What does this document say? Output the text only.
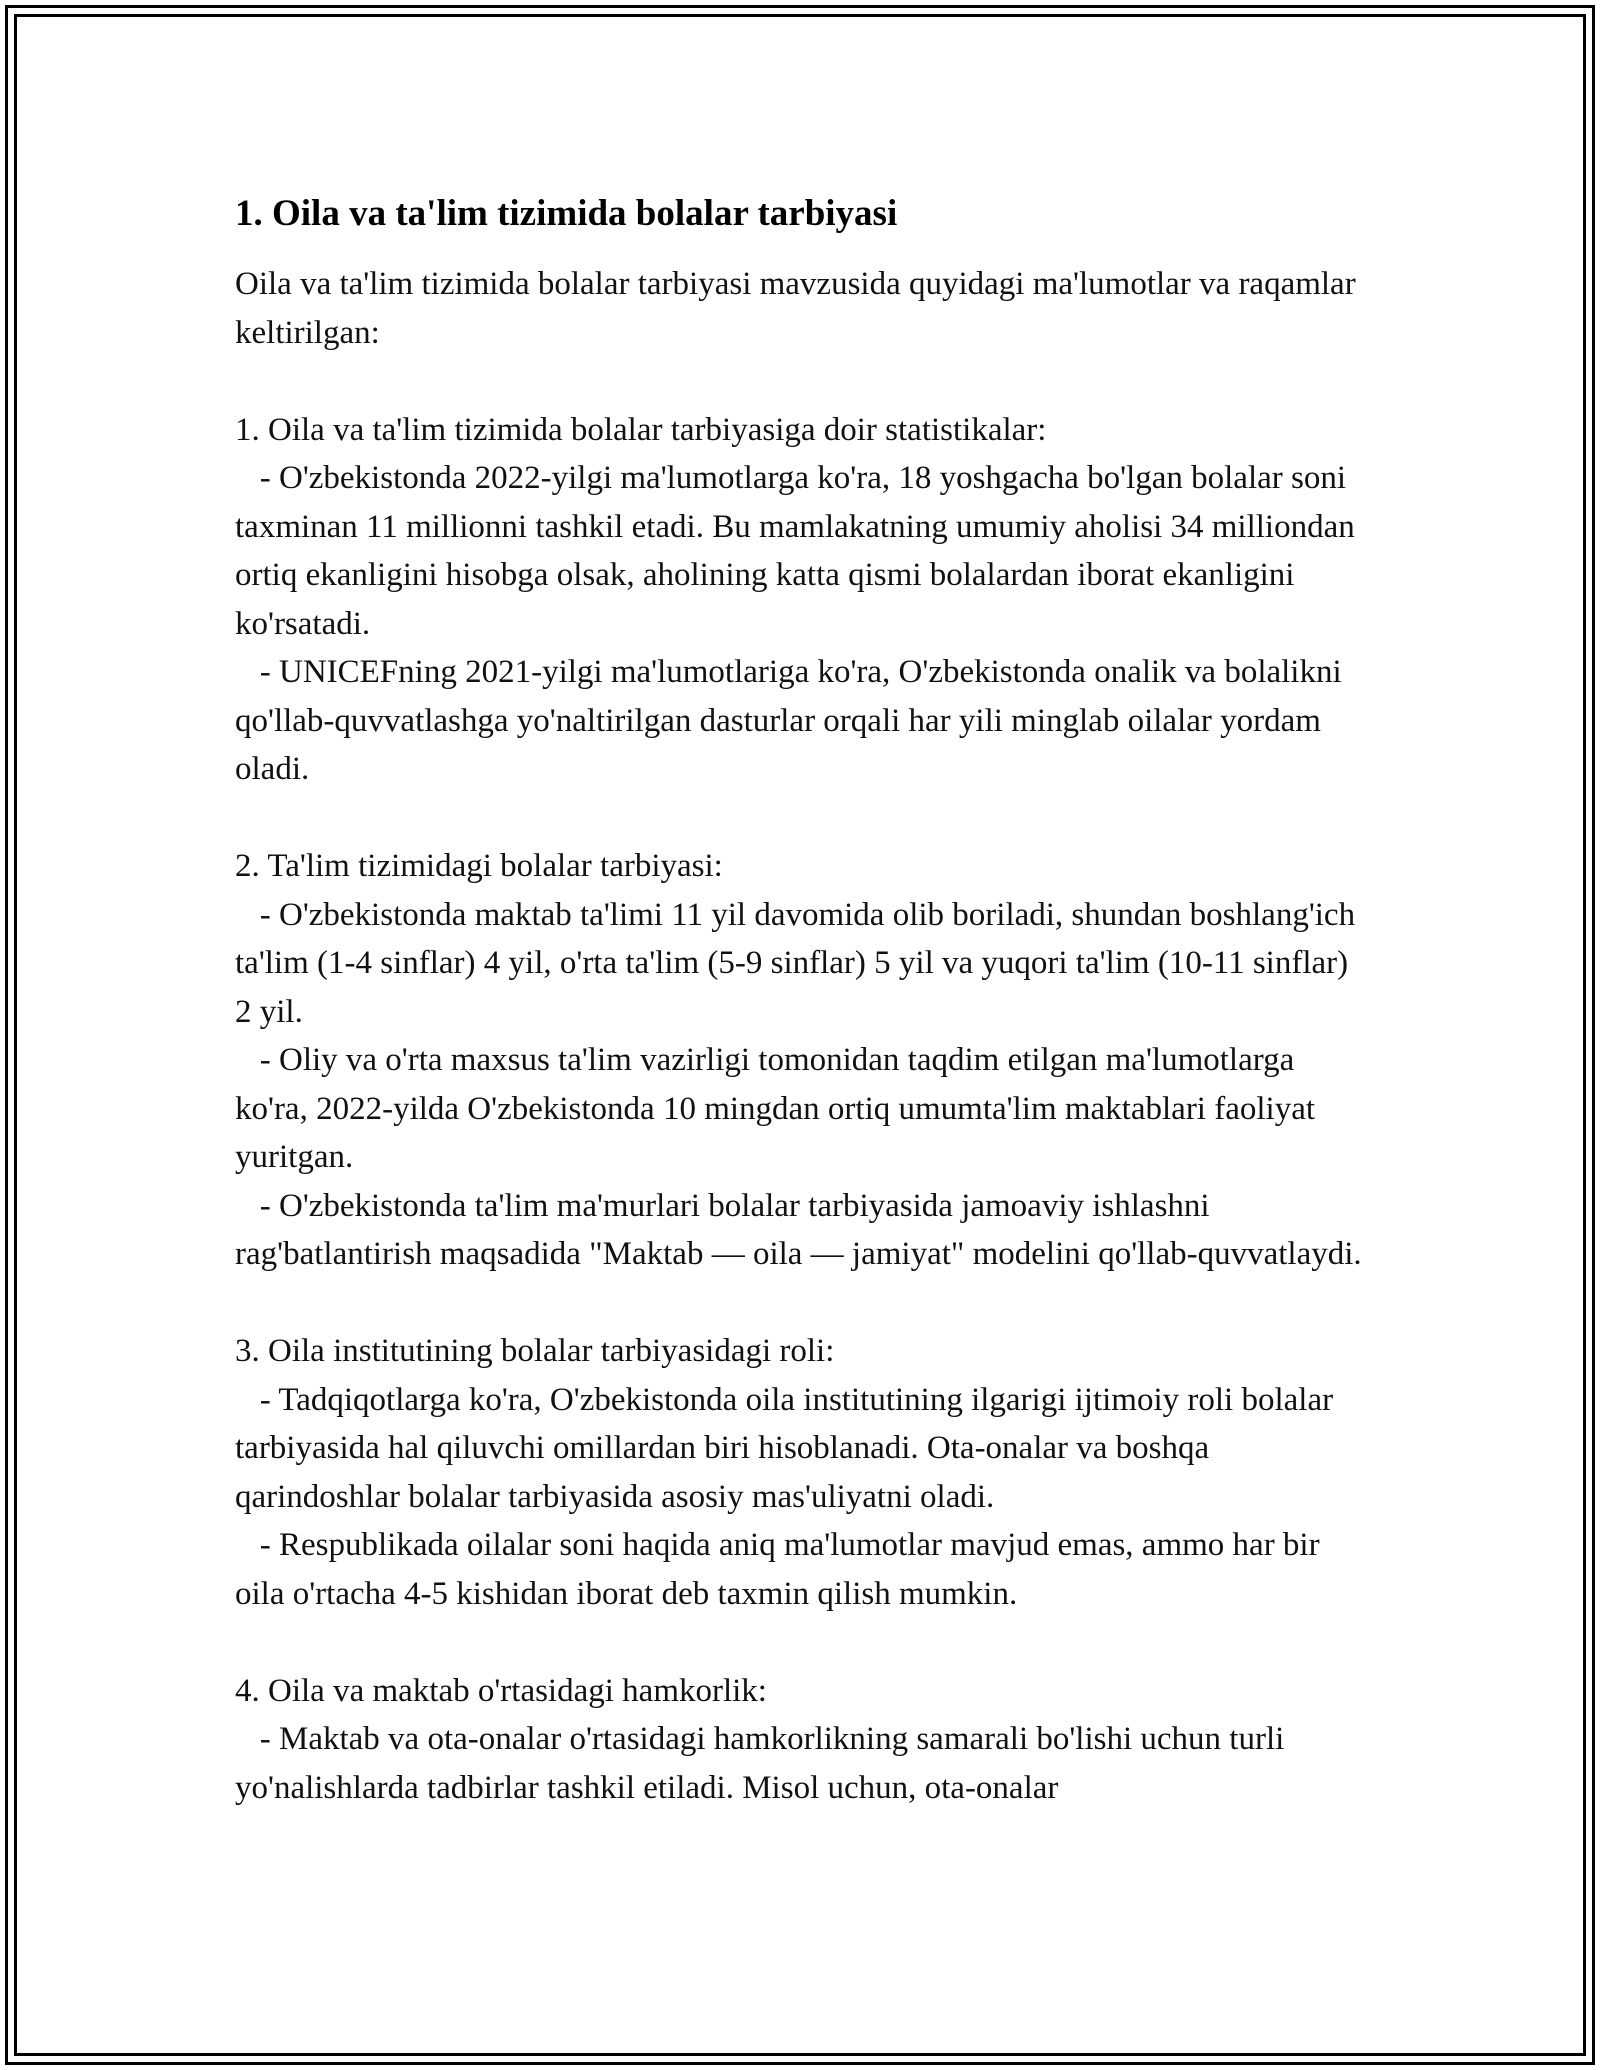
1. Oila va ta'lim tizimida bolalar tarbiyasi

Oila va ta'lim tizimida bolalar tarbiyasi mavzusida quyidagi ma'lumotlar va raqamlar keltirilgan:

1. Oila va ta'lim tizimida bolalar tarbiyasiga doir statistikalar:

- O'zbekistonda 2022-yilgi ma'lumotlarga ko'ra, 18 yoshgacha bo'lgan bolalar soni taxminan 11 millionni tashkil etadi. Bu mamlakatning umumiy aholisi 34 milliondan ortiq ekanligini hisobga olsak, aholining katta qismi bolalardan iborat ekanligini ko'rsatadi.
- UNICEFning 2021-yilgi ma'lumotlariga ko'ra, O'zbekistonda onalik va bolalikni qo'llab-quvvatlashga yo'naltirilgan dasturlar orqali har yili minglab oilalar yordam oladi.

2. Ta'lim tizimidagi bolalar tarbiyasi:

- O'zbekistonda maktab ta'limi 11 yil davomida olib boriladi, shundan boshlang'ich ta'lim (1-4 sinflar) 4 yil, o'rta ta'lim (5-9 sinflar) 5 yil va yuqori ta'lim (10-11 sinflar) 2 yil.
- Oliy va o'rta maxsus ta'lim vazirligi tomonidan taqdim etilgan ma'lumotlarga ko'ra, 2022-yilda O'zbekistonda 10 mingdan ortiq umumta'lim maktablari faoliyat yuritgan.
- O'zbekistonda ta'lim ma'murlari bolalar tarbiyasida jamoaviy ishlashni rag'batlantirish maqsadida "Maktab — oila — jamiyat" modelini qo'llab-quvvatlaydi.

3. Oila institutining bolalar tarbiyasidagi roli:

- Tadqiqotlarga ko'ra, O'zbekistonda oila institutining ilgarigi ijtimoiy roli bolalar tarbiyasida hal qiluvchi omillardan biri hisoblanadi. Ota-onalar va boshqa qarindoshlar bolalar tarbiyasida asosiy mas'uliyatni oladi.
- Respublikada oilalar soni haqida aniq ma'lumotlar mavjud emas, ammo har bir oila o'rtacha 4-5 kishidan iborat deb taxmin qilish mumkin.

4. Oila va maktab o'rtasidagi hamkorlik:

- Maktab va ota-onalar o'rtasidagi hamkorlikning samarali bo'lishi uchun turli yo'nalishlarda tadbirlar tashkil etiladi. Misol uchun, ota-onalar
